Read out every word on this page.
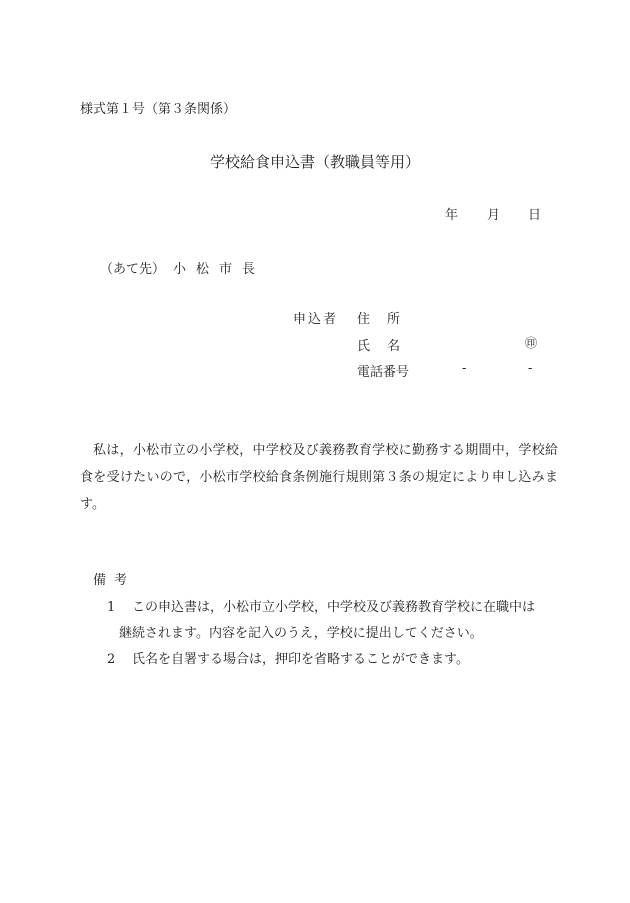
様式第１号（第３条関係）
学校給食申込書（教職員等用）
年 月 日
（あて先） 小松市長
申込者 住所
氏名	㊞
電話番号	-	-

私は，小松市立の小学校，中学校及び義務教育学校に勤務する期間中，学校給食を受けたいので，小松市学校給食条例施行規則第３条の規定により申し込みます。

備考
1 この申込書は，小松市立小学校，中学校及び義務教育学校に在職中は
継続されます。内容を記入のうえ，学校に提出してください。
2 氏名を自署する場合は，押印を省略することができます。
